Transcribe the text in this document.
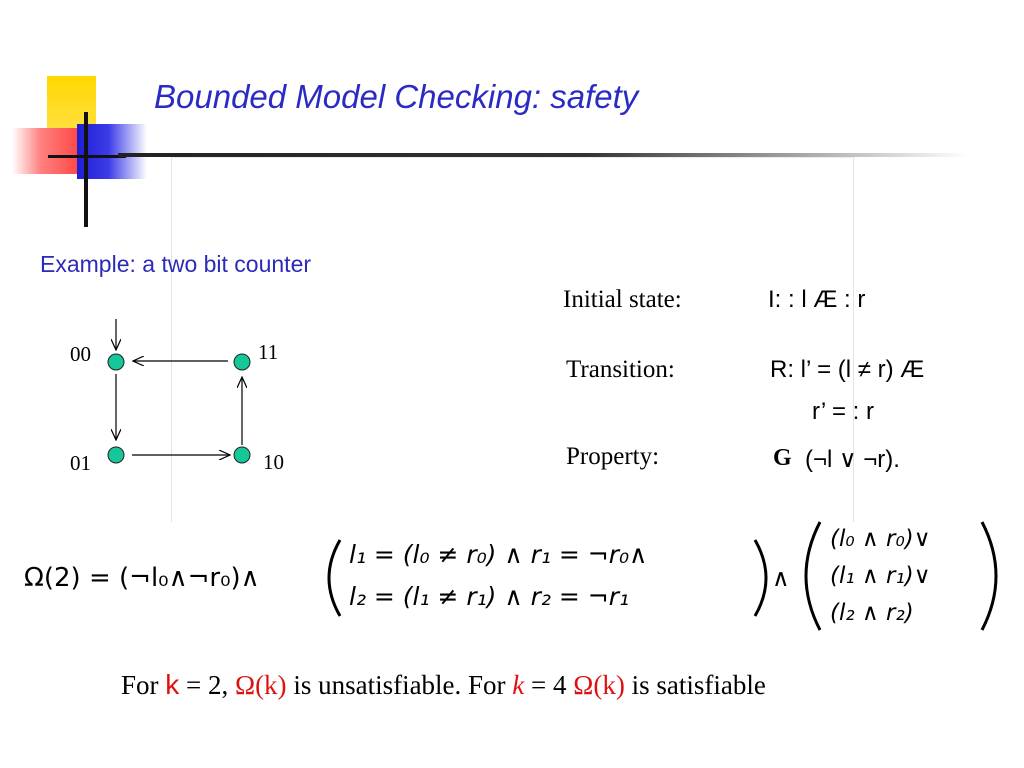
Bounded Model Checking: safety
Example: a two bit counter
00	11
01	10
Initial state:	I: : l Æ : r
Transition:	R: l’ = (l ≠ r) Æ
r’ = : r
Property:	G (¬l ∨ ¬r).
Ω(2) = (¬l₀∧¬r₀)∧
l₁ = (l₀ ≠ r₀) ∧ r₁ = ¬r₀∧
l₂ = (l₁ ≠ r₁) ∧ r₂ = ¬r₁
∧
(l₀ ∧ r₀)∨
(l₁ ∧ r₁)∨
(l₂ ∧ r₂)
For k = 2, Ω(k) is unsatisfiable. For k = 4 Ω(k) is satisfiable
